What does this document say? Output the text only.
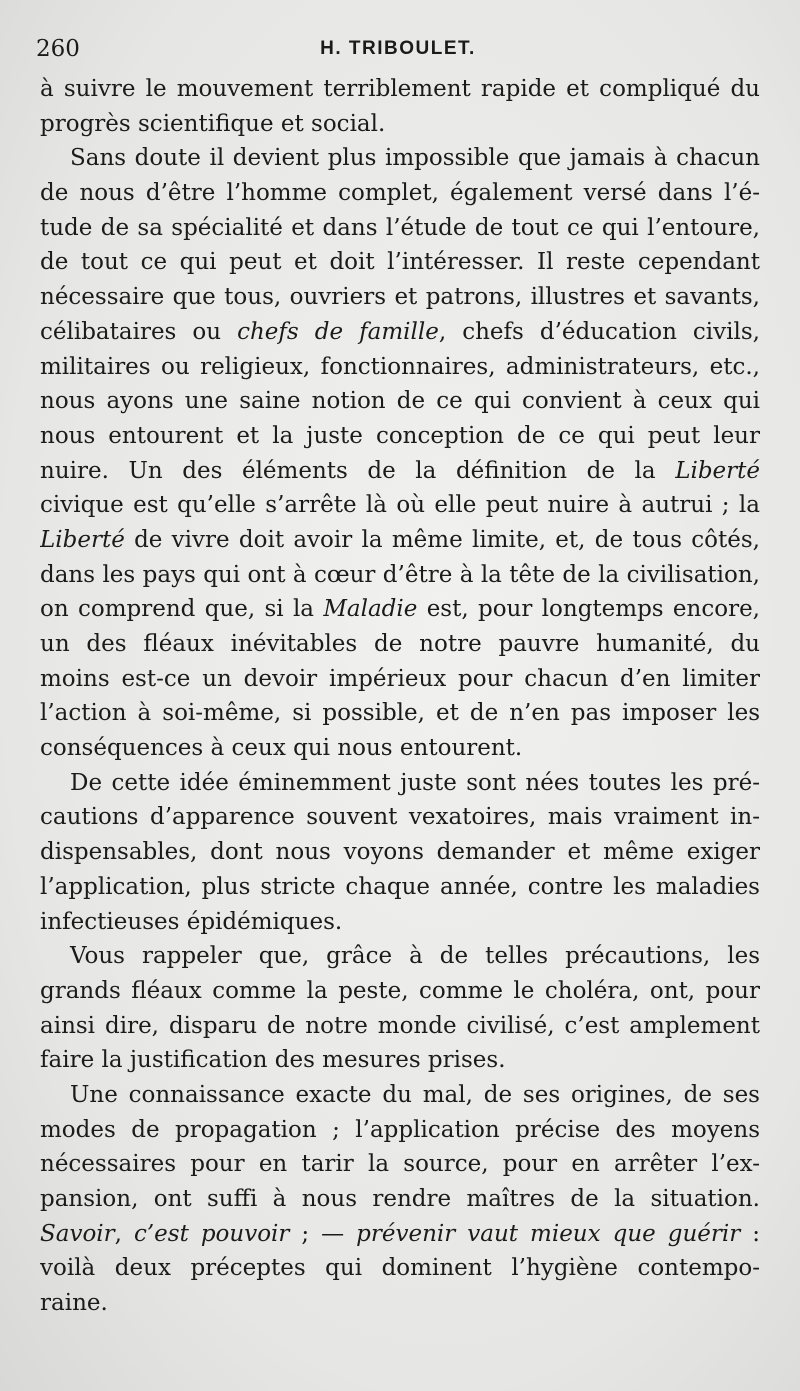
260	H. TRIBOULET.
à suivre le mouvement terriblement rapide et compliqué du
progrès scientifique et social.
Sans doute il devient plus impossible que jamais à chacun
de nous d’être l’homme complet, également versé dans l’é-
tude de sa spécialité et dans l’étude de tout ce qui l’entoure,
de tout ce qui peut et doit l’intéresser. Il reste cependant
nécessaire que tous, ouvriers et patrons, illustres et savants,
célibataires ou chefs de famille, chefs d’éducation civils,
militaires ou religieux, fonctionnaires, administrateurs, etc.,
nous ayons une saine notion de ce qui convient à ceux qui
nous entourent et la juste conception de ce qui peut leur
nuire. Un des éléments de la définition de la Liberté
civique est qu’elle s’arrête là où elle peut nuire à autrui ; la
Liberté de vivre doit avoir la même limite, et, de tous côtés,
dans les pays qui ont à cœur d’être à la tête de la civilisation,
on comprend que, si la Maladie est, pour longtemps encore,
un des fléaux inévitables de notre pauvre humanité, du
moins est-ce un devoir impérieux pour chacun d’en limiter
l’action à soi-même, si possible, et de n’en pas imposer les
conséquences à ceux qui nous entourent.
De cette idée éminemment juste sont nées toutes les pré-
cautions d’apparence souvent vexatoires, mais vraiment in-
dispensables, dont nous voyons demander et même exiger
l’application, plus stricte chaque année, contre les maladies
infectieuses épidémiques.
Vous rappeler que, grâce à de telles précautions, les
grands fléaux comme la peste, comme le choléra, ont, pour
ainsi dire, disparu de notre monde civilisé, c’est amplement
faire la justification des mesures prises.
Une connaissance exacte du mal, de ses origines, de ses
modes de propagation ; l’application précise des moyens
nécessaires pour en tarir la source, pour en arrêter l’ex-
pansion, ont suffi à nous rendre maîtres de la situation.
Savoir, c’est pouvoir ; — prévenir vaut mieux que guérir :
voilà deux préceptes qui dominent l’hygiène contempo-
raine.
